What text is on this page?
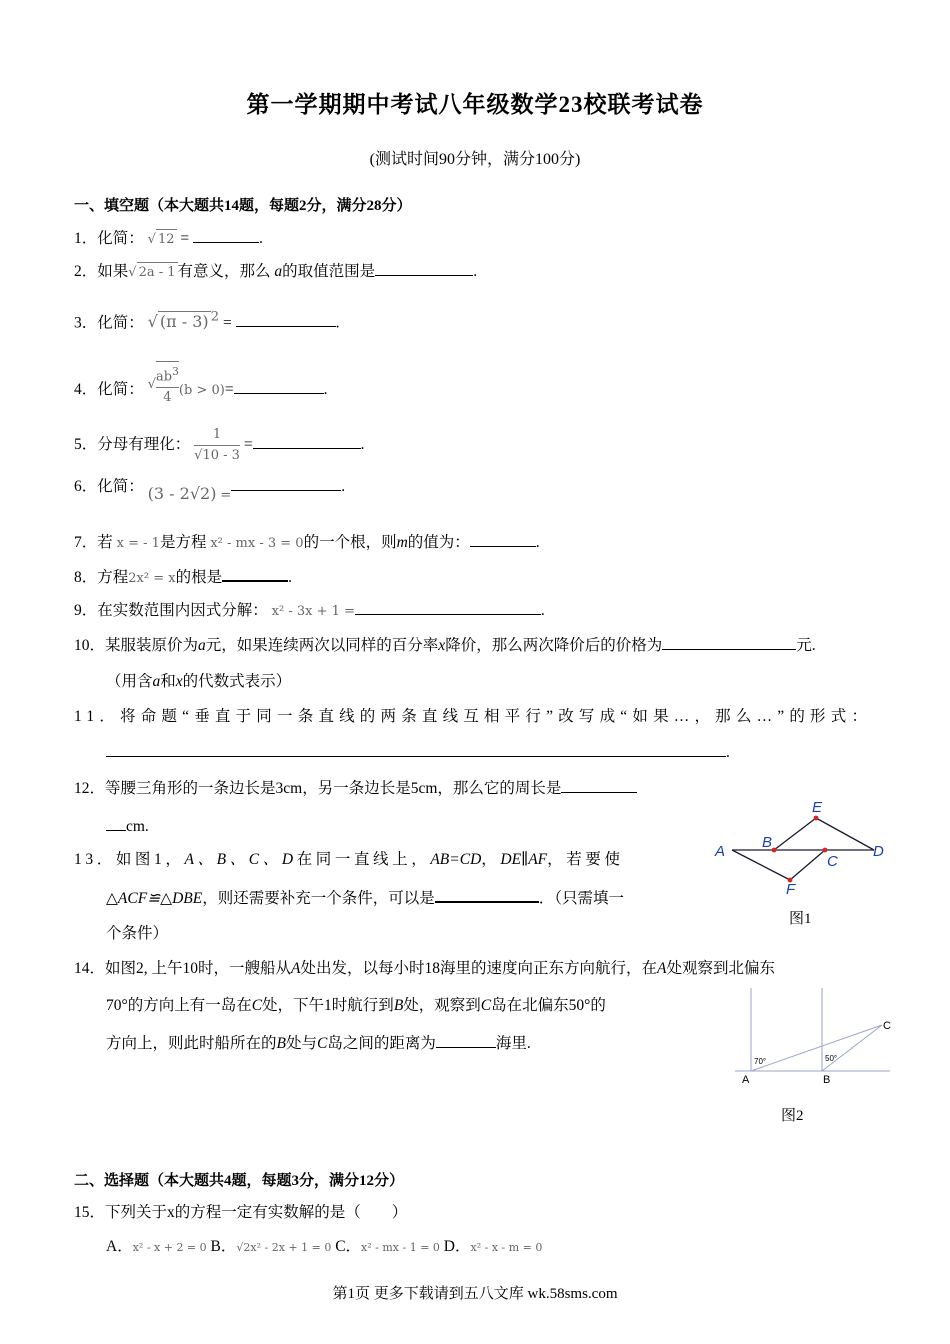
第一学期期中考试八年级数学23校联考试卷
(测试时间90分钟，满分100分)
一、填空题（本大题共14题，每题2分，满分28分）
1．化简： √ 12 =	.
2．如果√ 2a - 1 有意义，那么 a的取值范围是	.
3．化简： √ (π - 3) $^2$ =	.
4．化简： √ $\frac{ab^3}{4} (b > 0)=$	.
5．分母有理化： $\frac{1}{√10 - 3}$ =	.
6．化简： (3 - 2√2) $_=$.
7．若 x = - 1是方程 x² - mx - 3 = 0的一个根，则m的值为：	.
8．方程2x² = x的根是	.
9．在实数范围内因式分解： x² - 3x + 1 =	.
10．某服装原价为a元，如果连续两次以同样的百分率x降价，那么两次降价后的价格为	元.
（用含a和x的代数式表示）
11．将命题“垂直于同一条直线的两条直线互相平行”改写成“如果…，那么…”的形式：
.
12．等腰三角形的一条边长是3cm，另一条边长是5cm，那么它的周长是
cm.
13．如图1，A、B、C、D在同一直线上，AB=CD，DE∥AF，若要使
△ACF≌△DBE，则还需要补充一个条件，可以是	．（只需填一
个条件）
E
B
A
C
D
F
图1
14．如图2, 上午10时，一艘船从A处出发，以每小时18海里的速度向正东方向航行，在A处观察到北偏东
70°的方向上有一岛在C处，下午1时航行到B处，观察到C岛在北偏东50°的
方向上，则此时船所在的B处与C岛之间的距离为	海里.
C
A	B
70°	50°
图2
二、选择题（本大题共4题，每题3分，满分12分）
15．下列关于x的方程一定有实数解的是（　　）
A．x² - x + 2 = 0 B．√2x² - 2x + 1 = 0 C．x² - mx - 1 = 0 D．x² - x - m = 0
第1页 更多下载请到五八文库 wk.58sms.com
